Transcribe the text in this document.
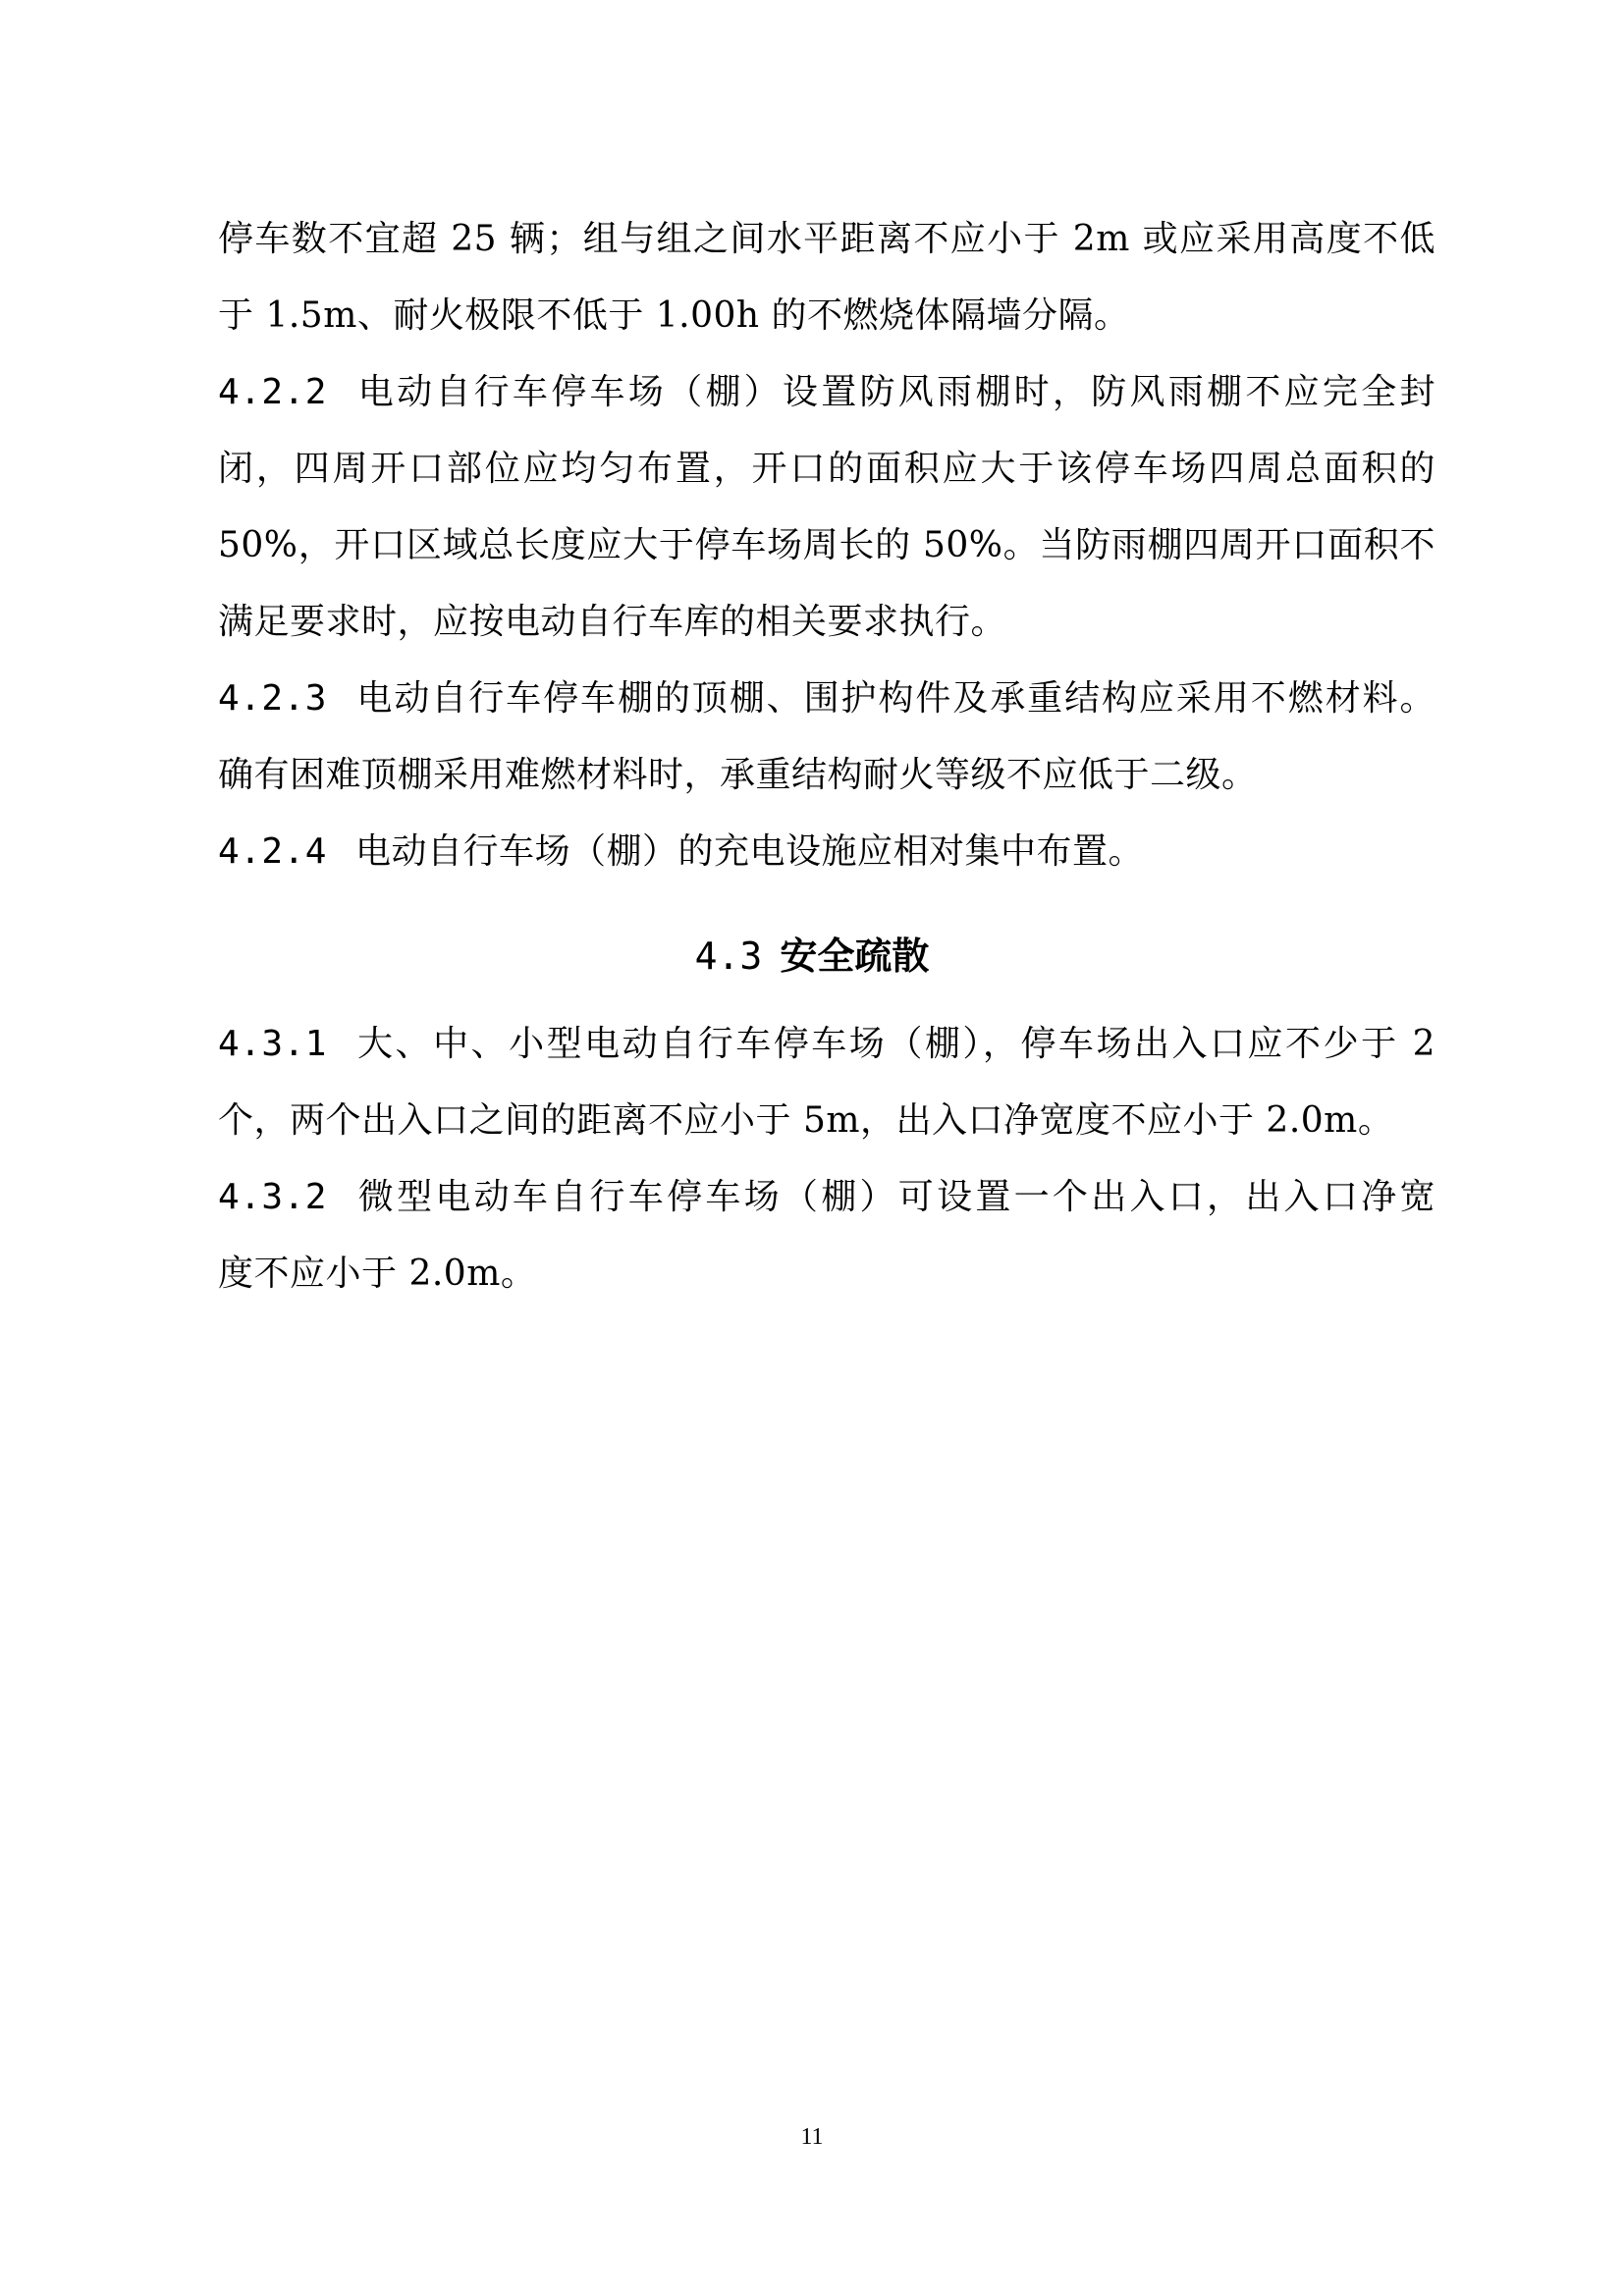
停车数不宜超 25 辆；组与组之间水平距离不应小于 2m 或应采用高度不低
于 1.5m、耐火极限不低于 1.00h 的不燃烧体隔墙分隔。
4.2.2 电动自行车停车场（棚）设置防风雨棚时，防风雨棚不应完全封
闭，四周开口部位应均匀布置，开口的面积应大于该停车场四周总面积的
50%，开口区域总长度应大于停车场周长的 50%。当防雨棚四周开口面积不
满足要求时，应按电动自行车库的相关要求执行。
4.2.3 电动自行车停车棚的顶棚、围护构件及承重结构应采用不燃材料。
确有困难顶棚采用难燃材料时，承重结构耐火等级不应低于二级。
4.2.4 电动自行车场（棚）的充电设施应相对集中布置。
4.3 安全疏散
4.3.1 大、中、小型电动自行车停车场（棚），停车场出入口应不少于 2
个，两个出入口之间的距离不应小于 5m，出入口净宽度不应小于 2.0m。
4.3.2 微型电动车自行车停车场（棚）可设置一个出入口，出入口净宽
度不应小于 2.0m。
11
